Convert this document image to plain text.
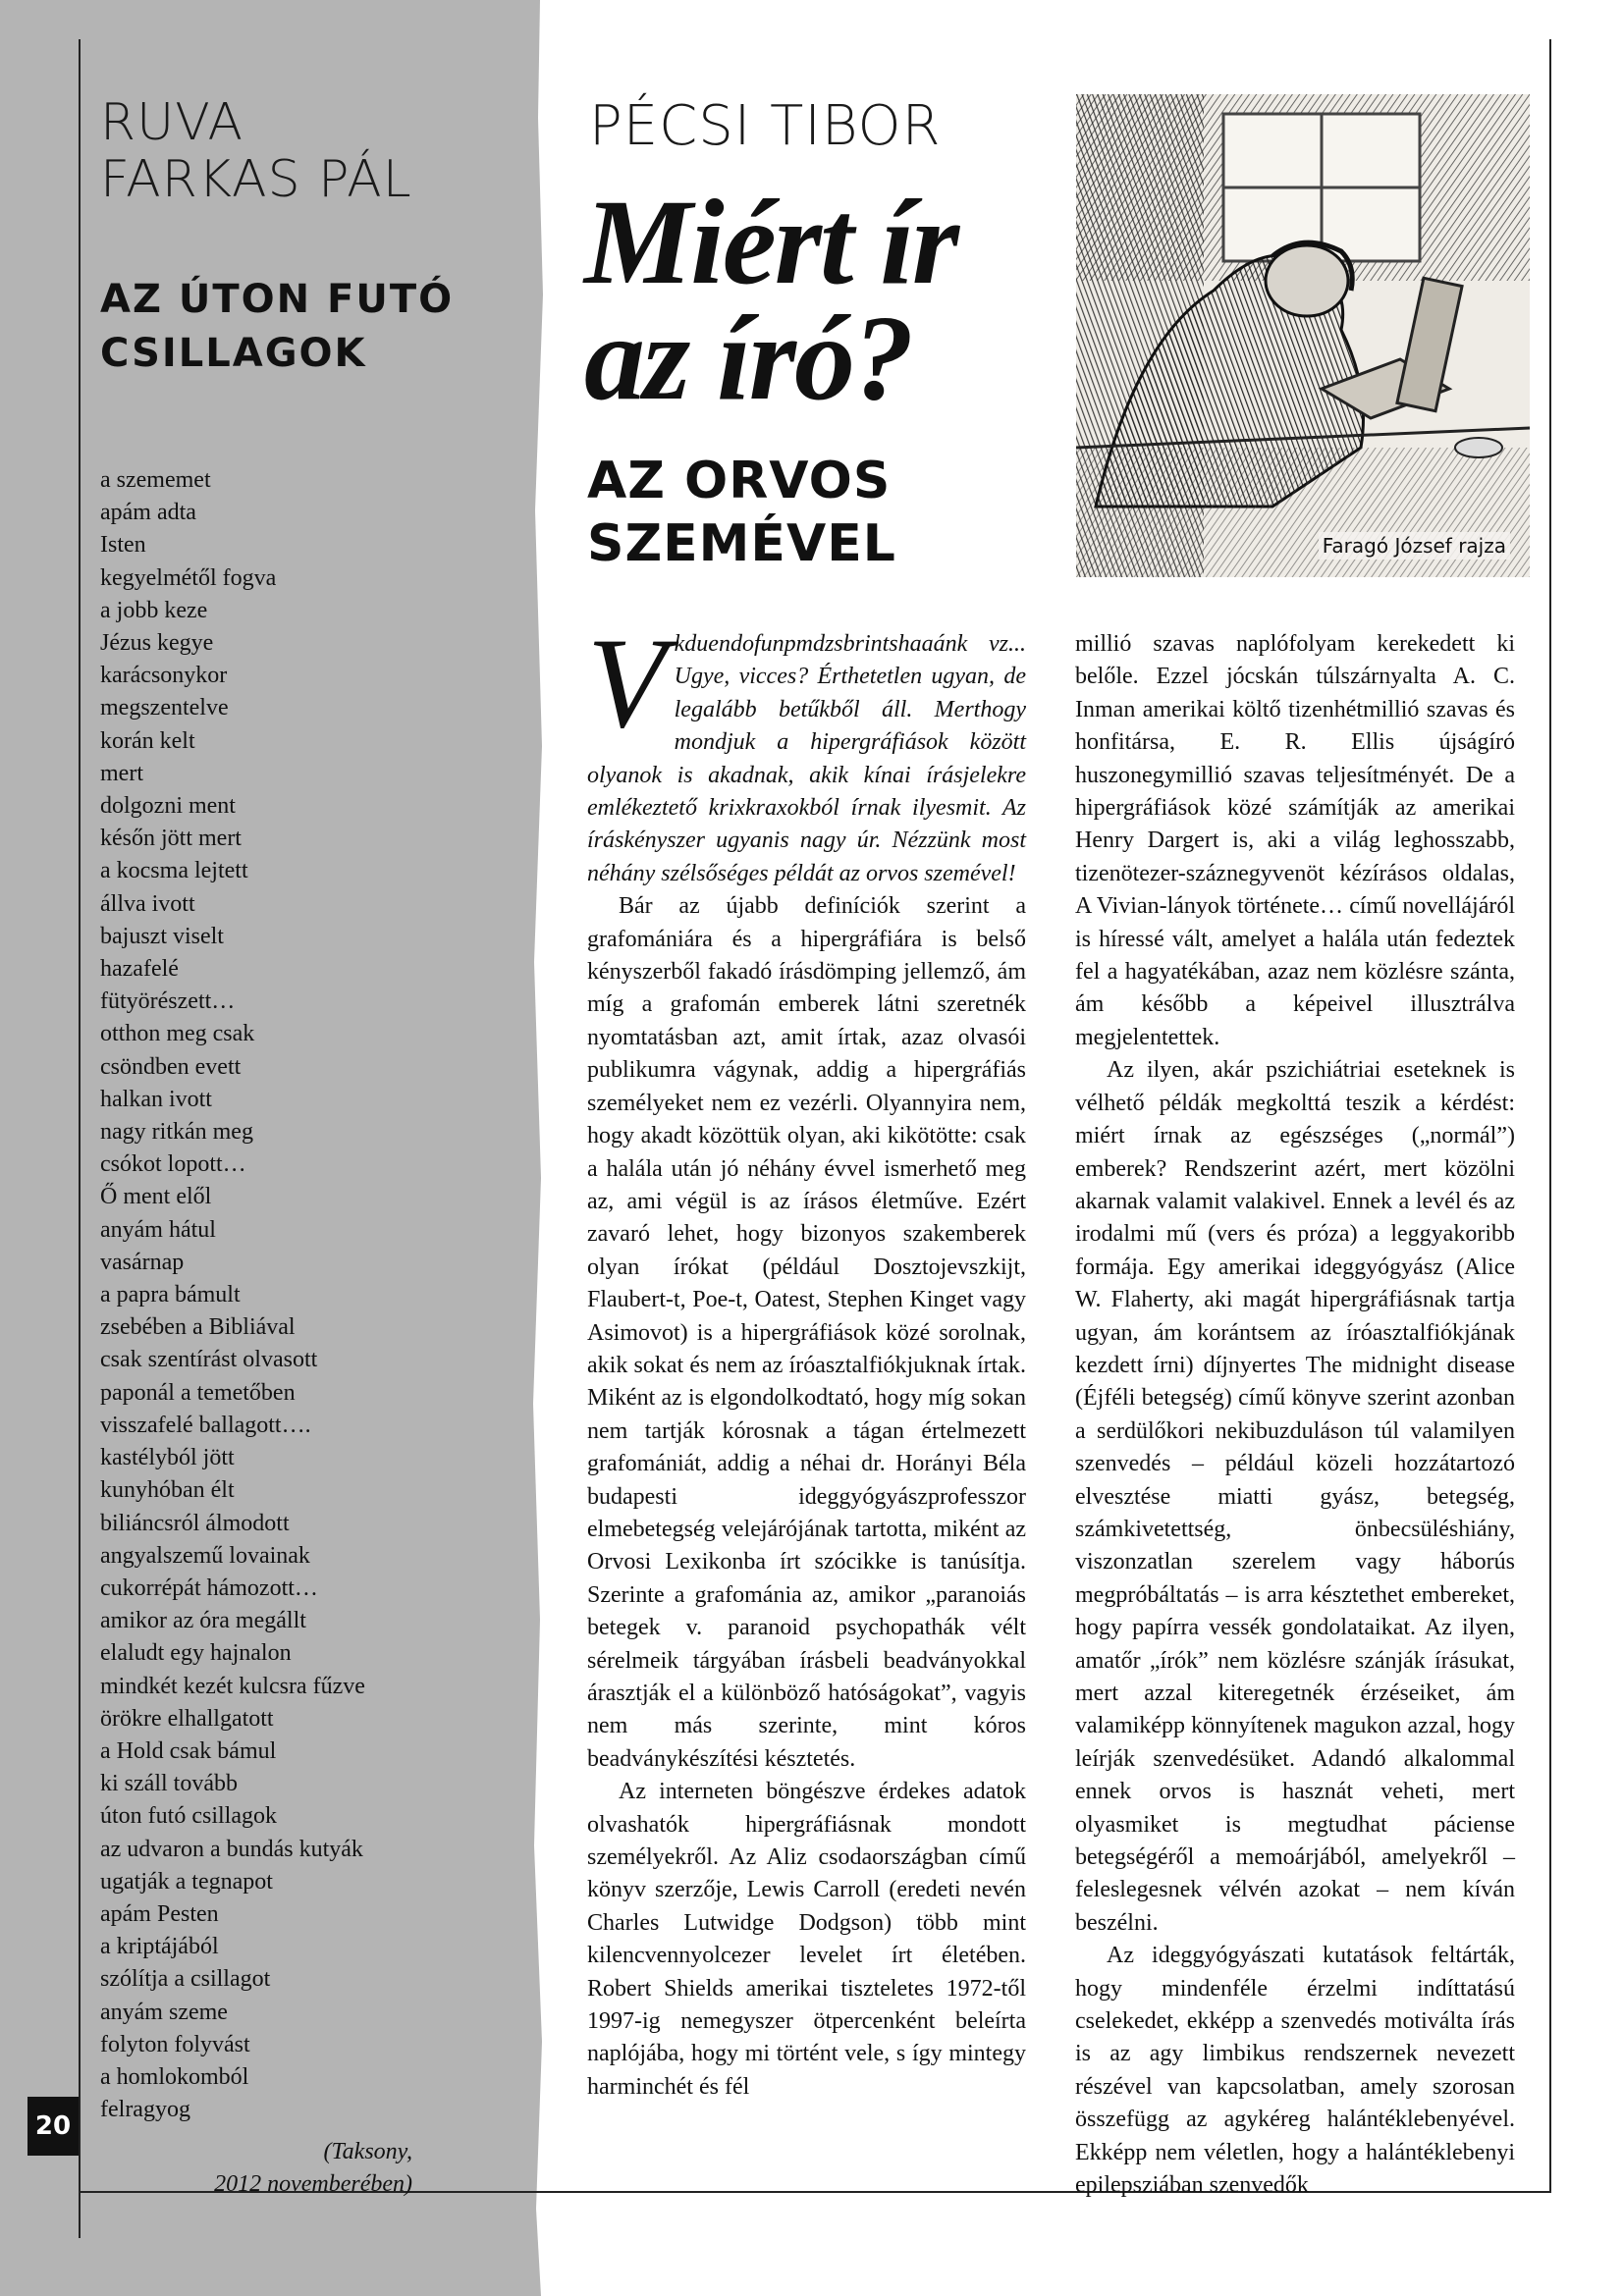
RUVA
FARKAS PÁL
AZ ÚTON FUTÓ CSILLAGOK
a szememet
apám adta
Isten
kegyelmétől fogva
a jobb keze
Jézus kegye
karácsonykor
megszentelve
korán kelt
mert
dolgozni ment
későn jött mert
a kocsma lejtett
állva ivott
bajuszt viselt
hazafelé
fütyörészett…
otthon meg csak
csöndben evett
halkan ivott
nagy ritkán meg
csókot lopott…
Ő ment elől
anyám hátul
vasárnap
a papra bámult
zsebében a Bibliával
csak szentírást olvasott
paponál a temetőben
visszafelé ballagott….
kastélyból jött
kunyhóban élt
biliáncsról álmodott
angyalszemű lovainak
cukorrépát hámozott…
amikor az óra megállt
elaludt egy hajnalon
mindkét kezét kulcsra fűzve
örökre elhallgatott
a Hold csak bámul
ki száll tovább
úton futó csillagok
az udvaron a bundás kutyák
ugatják a tegnapot
apám Pesten
a kriptájából
szólítja a csillagot
anyám szeme
folyton folyvást
a homlokomból
felragyog
(Taksony,
2012 novemberében)
20
PÉCSI TIBOR
Miért ír
az író?
AZ ORVOS
SZEMÉVEL	Faragó József rajza

Vkduendofunpmdzsbrintshaaánk vz... Ugye, vicces? Érthetetlen ugyan, de legalább betűkből áll. Merthogy mondjuk a hipergráfiások között olyanok is akadnak, akik kínai írásjelekre emlékeztető krixkraxokból írnak ilyesmit. Az íráskényszer ugyanis nagy úr. Nézzünk most néhány szélsőséges példát az orvos szemével!

Bár az újabb definíciók szerint a grafomániára és a hipergráfiára is belső kényszerből fakadó írásdömping jellemző, ám míg a grafomán emberek látni szeretnék nyomtatásban azt, amit írtak, azaz olvasói publikumra vágynak, addig a hipergráfiás személyeket nem ez vezérli. Olyannyira nem, hogy akadt közöttük olyan, aki kikötötte: csak a halála után jó néhány évvel ismerhető meg az, ami végül is az írásos életműve. Ezért zavaró lehet, hogy bizonyos szakemberek olyan írókat (például Dosztojevszkijt, Flaubert-t, Poe-t, Oatest, Stephen Kinget vagy Asimovot) is a hipergráfiások közé sorolnak, akik sokat és nem az íróasztalfiókjuknak írtak. Miként az is elgondolkodtató, hogy míg sokan nem tartják kórosnak a tágan értelmezett grafomániát, addig a néhai dr. Horányi Béla budapesti ideggyógyászprofesszor elmebetegség velejárójának tartotta, miként az Orvosi Lexikonba írt szócikke is tanúsítja. Szerinte a grafománia az, amikor „paranoiás betegek v. paranoid psychopathák vélt sérelmeik tárgyában írásbeli beadványokkal árasztják el a különböző hatóságokat”, vagyis nem más szerinte, mint kóros beadványkészítési késztetés.

Az interneten böngészve érdekes adatok olvashatók hipergráfiásnak mondott személyekről. Az Aliz csodaországban című könyv szerzője, Lewis Carroll (eredeti nevén Charles Lutwidge Dodgson) több mint kilencvennyolcezer levelet írt életében. Robert Shields amerikai tiszteletes 1972-től 1997-ig nemegyszer ötpercenként beleírta naplójába, hogy mi történt vele, s így mintegy harminchét és fél

millió szavas naplófolyam kerekedett ki belőle. Ezzel jócskán túlszárnyalta A. C. Inman amerikai költő tizenhétmillió szavas és honfitársa, E. R. Ellis újságíró huszonegymillió szavas teljesítményét. De a hipergráfiások közé számítják az amerikai Henry Dargert is, aki a világ leghosszabb, tizenötezer-száznegyvenöt kézírásos oldalas, A Vivian-lányok története… című novellájáról is híressé vált, amelyet a halála után fedeztek fel a hagyatékában, azaz nem közlésre szánta, ám később a képeivel illusztrálva megjelentettek.

Az ilyen, akár pszichiátriai eseteknek is vélhető példák megkolttá teszik a kérdést: miért írnak az egészséges („normál”) emberek? Rendszerint azért, mert közölni akarnak valamit valakivel. Ennek a levél és az irodalmi mű (vers és próza) a leggyakoribb formája. Egy amerikai ideggyógyász (Alice W. Flaherty, aki magát hipergráfiásnak tartja ugyan, ám korántsem az íróasztalfiókjának kezdett írni) díjnyertes The midnight disease (Éjféli betegség) című könyve szerint azonban a serdülőkori nekibuzduláson túl valamilyen szenvedés – például közeli hozzátartozó elvesztése miatti gyász, betegség, számkivetettség, önbecsüléshiány, viszonzatlan szerelem vagy háborús megpróbáltatás – is arra késztethet embereket, hogy papírra vessék gondolataikat. Az ilyen, amatőr „írók” nem közlésre szánják írásukat, mert azzal kiteregetnék érzéseiket, ám valamiképp könnyítenek magukon azzal, hogy leírják szenvedésüket. Adandó alkalommal ennek orvos is hasznát veheti, mert olyasmiket is megtudhat páciense betegségéről a memoárjából, amelyekről – feleslegesnek vélvén azokat – nem kíván beszélni.

Az ideggyógyászati kutatások feltárták, hogy mindenféle érzelmi indíttatású cselekedet, ekképp a szenvedés motiválta írás is az agy limbikus rendszernek nevezett részével van kapcsolatban, amely szorosan összefügg az agykéreg halántéklebenyével. Ekképp nem véletlen, hogy a halántéklebenyi epilepsziában szenvedők
